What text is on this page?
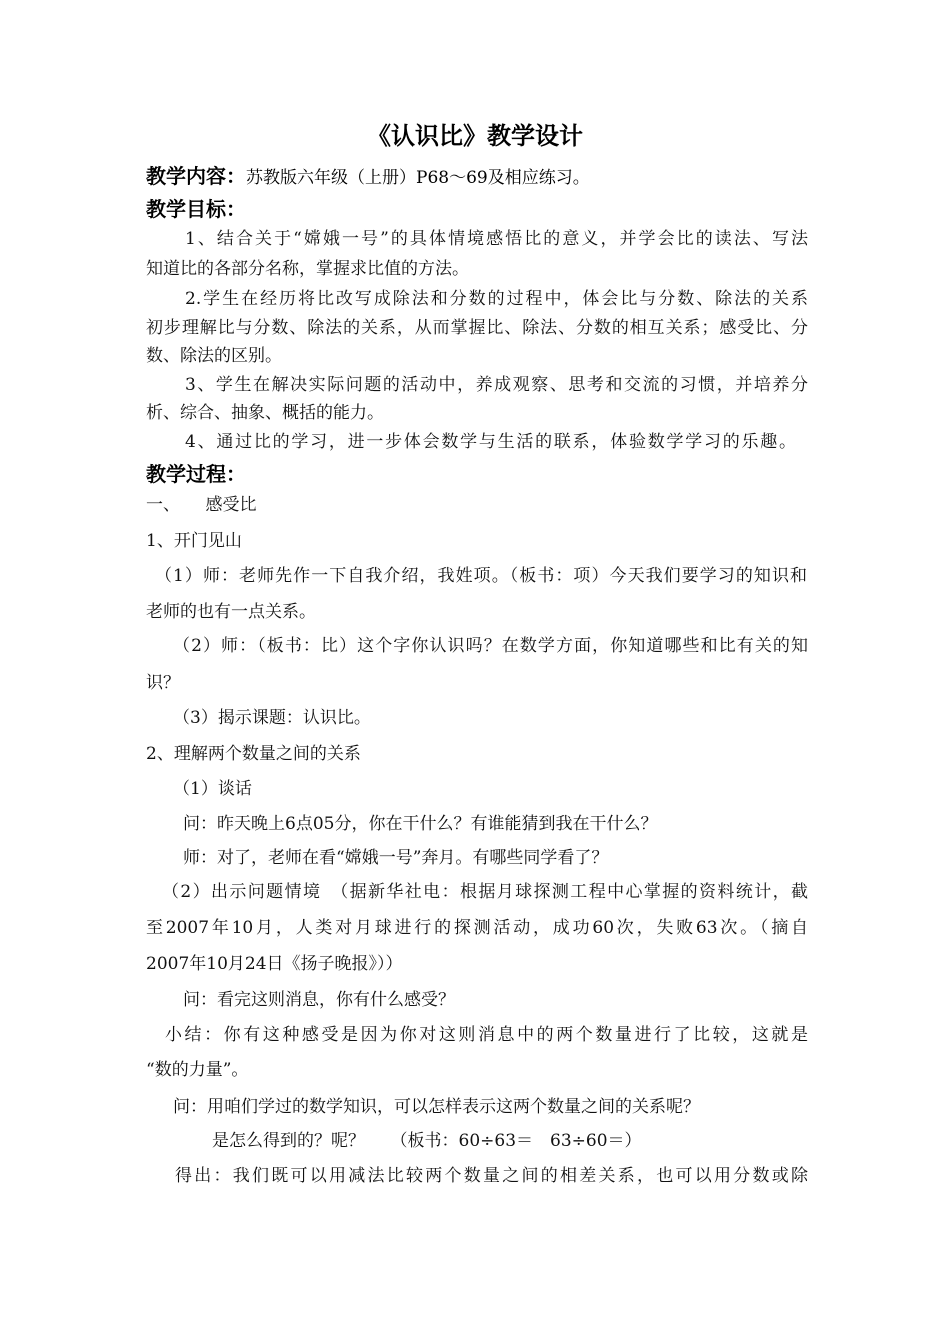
《认识比》教学设计
教学内容：苏教版六年级（上册）P68～69及相应练习。
教学目标：
1、结合关于“嫦娥一号”的具体情境感悟比的意义，并学会比的读法、写法
知道比的各部分名称，掌握求比值的方法。
2.学生在经历将比改写成除法和分数的过程中，体会比与分数、除法的关系
初步理解比与分数、除法的关系，从而掌握比、除法、分数的相互关系；感受比、分
数、除法的区别。
3、学生在解决实际问题的活动中，养成观察、思考和交流的习惯，并培养分
析、综合、抽象、概括的能力。
4、通过比的学习，进一步体会数学与生活的联系，体验数学学习的乐趣。
教学过程：
一、　　感受比
1、开门见山
（1）师：老师先作一下自我介绍，我姓项。（板书：项）今天我们要学习的知识和
老师的也有一点关系。
（2）师：（板书：比）这个字你认识吗？在数学方面，你知道哪些和比有关的知
识？
（3）揭示课题：认识比。
2、理解两个数量之间的关系
（1）谈话
问：昨天晚上6点05分，你在干什么？有谁能猜到我在干什么？
师：对了，老师在看“嫦娥一号”奔月。有哪些同学看了？
（2）出示问题情境　（据新华社电：根据月球探测工程中心掌握的资料统计，截
至2007年10月，人类对月球进行的探测活动，成功60次，失败63次。（摘自
2007年10月24日《扬子晚报》））
问：看完这则消息，你有什么感受？
小结：你有这种感受是因为你对这则消息中的两个数量进行了比较，这就是
“数的力量”。
问：用咱们学过的数学知识，可以怎样表示这两个数量之间的关系呢？
是怎么得到的？呢？　　（板书：60÷63＝　63÷60＝）
得出：我们既可以用减法比较两个数量之间的相差关系，也可以用分数或除
